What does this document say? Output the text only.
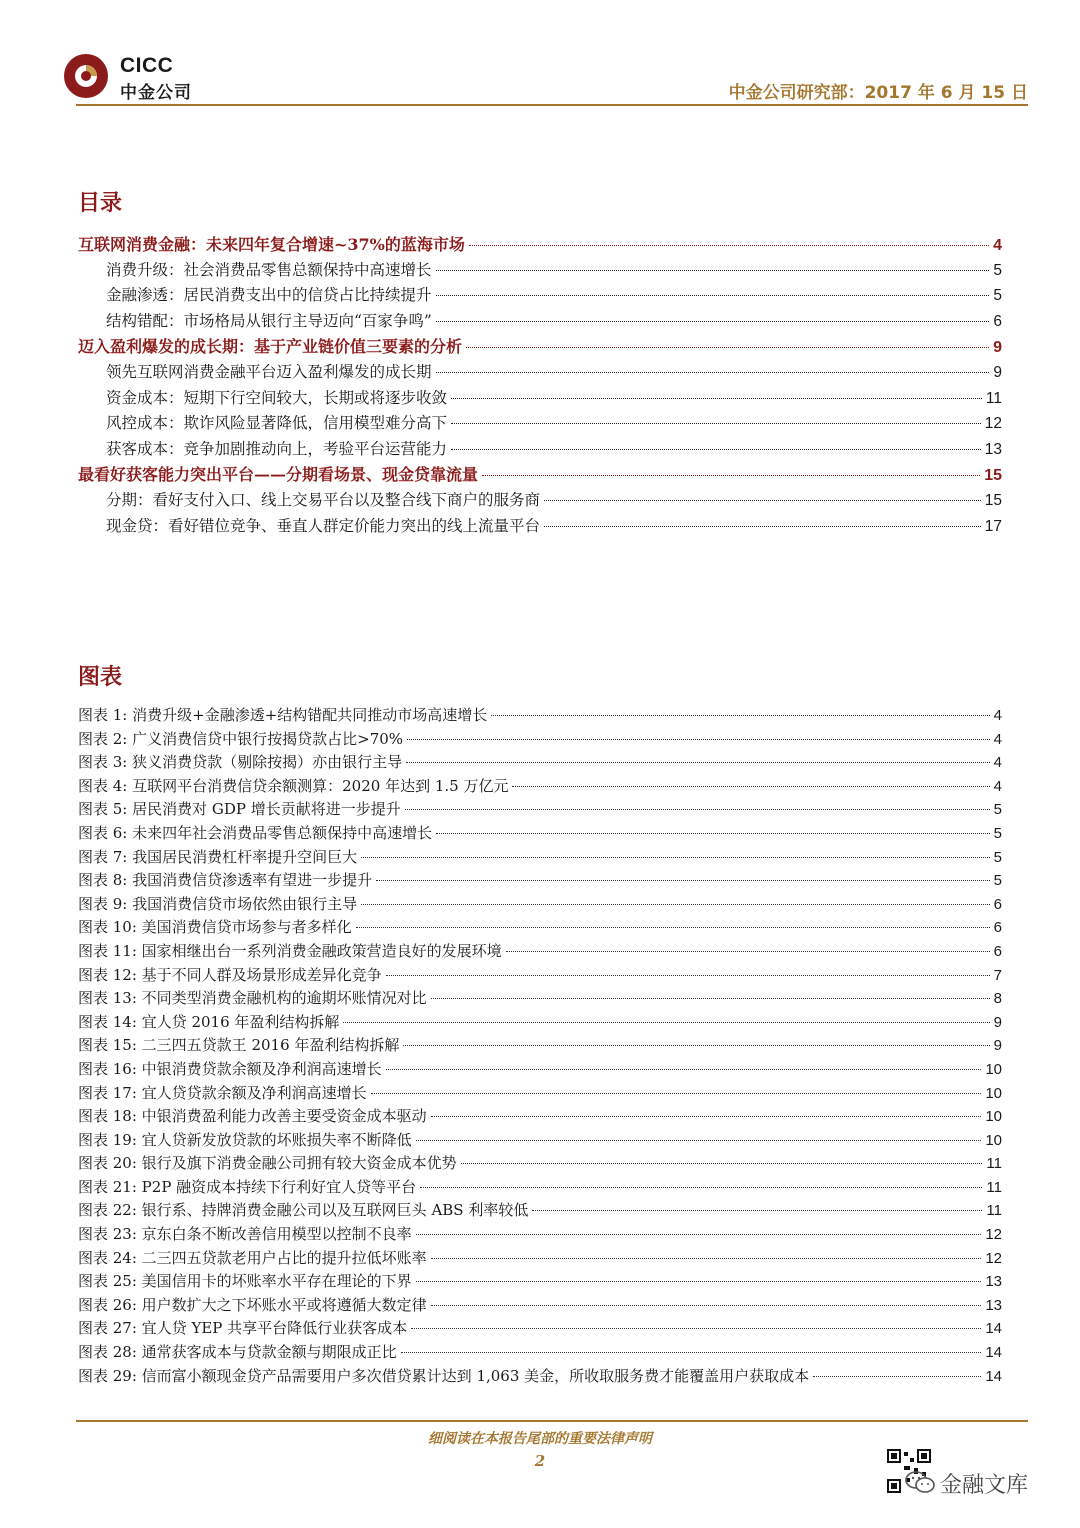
CICC
中金公司	中金公司研究部：2017 年 6 月 15 日
目录
互联网消费金融：未来四年复合增速~37%的蓝海市场	4
消费升级：社会消费品零售总额保持中高速增长	5
金融渗透：居民消费支出中的信贷占比持续提升	5
结构错配：市场格局从银行主导迈向“百家争鸣”	6
迈入盈利爆发的成长期：基于产业链价值三要素的分析	9
领先互联网消费金融平台迈入盈利爆发的成长期	9
资金成本：短期下行空间较大，长期或将逐步收敛	11
风控成本：欺诈风险显著降低，信用模型难分高下	12
获客成本：竞争加剧推动向上，考验平台运营能力	13
最看好获客能力突出平台——分期看场景、现金贷靠流量	15
分期：看好支付入口、线上交易平台以及整合线下商户的服务商	15
现金贷：看好错位竞争、垂直人群定价能力突出的线上流量平台	17
图表
图表 1: 消费升级+金融渗透+结构错配共同推动市场高速增长	4
图表 2: 广义消费信贷中银行按揭贷款占比>70%	4
图表 3: 狭义消费贷款（剔除按揭）亦由银行主导	4
图表 4: 互联网平台消费信贷余额测算：2020 年达到 1.5 万亿元	4
图表 5: 居民消费对 GDP 增长贡献将进一步提升	5
图表 6: 未来四年社会消费品零售总额保持中高速增长	5
图表 7: 我国居民消费杠杆率提升空间巨大	5
图表 8: 我国消费信贷渗透率有望进一步提升	5
图表 9: 我国消费信贷市场依然由银行主导	6
图表 10: 美国消费信贷市场参与者多样化	6
图表 11: 国家相继出台一系列消费金融政策营造良好的发展环境	6
图表 12: 基于不同人群及场景形成差异化竞争	7
图表 13: 不同类型消费金融机构的逾期坏账情况对比	8
图表 14: 宜人贷 2016 年盈利结构拆解	9
图表 15: 二三四五贷款王 2016 年盈利结构拆解	9
图表 16: 中银消费贷款余额及净利润高速增长	10
图表 17: 宜人贷贷款余额及净利润高速增长	10
图表 18: 中银消费盈利能力改善主要受资金成本驱动	10
图表 19: 宜人贷新发放贷款的坏账损失率不断降低	10
图表 20: 银行及旗下消费金融公司拥有较大资金成本优势	11
图表 21: P2P 融资成本持续下行利好宜人贷等平台	11
图表 22: 银行系、持牌消费金融公司以及互联网巨头 ABS 利率较低	11
图表 23: 京东白条不断改善信用模型以控制不良率	12
图表 24: 二三四五贷款老用户占比的提升拉低坏账率	12
图表 25: 美国信用卡的坏账率水平存在理论的下界	13
图表 26: 用户数扩大之下坏账水平或将遵循大数定律	13
图表 27: 宜人贷 YEP 共享平台降低行业获客成本	14
图表 28: 通常获客成本与贷款金额与期限成正比	14
图表 29: 信而富小额现金贷产品需要用户多次借贷累计达到 1,063 美金，所收取服务费才能覆盖用户获取成本	14
细阅读在本报告尾部的重要法律声明
2
金融文库
